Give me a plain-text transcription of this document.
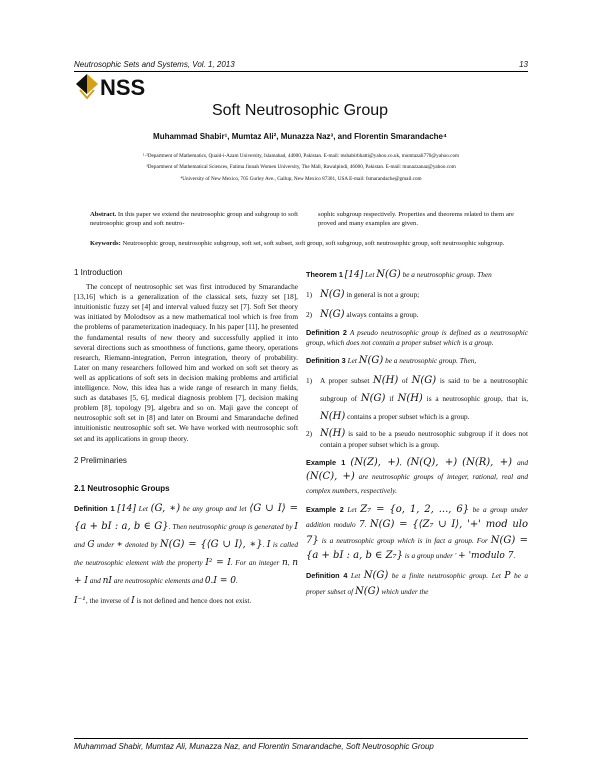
Neutrosophic Sets and Systems, Vol. 1, 2013	13
NSS
Soft Neutrosophic Group
Muhammad Shabir¹, Mumtaz Ali², Munazza Naz³, and Florentin Smarandache⁴
¹·²Department of Mathematics, Quaid-i-Azam University, Islamabad, 44000, Pakistan. E-mail: mshabirbhatti@yahoo.co.uk, mumtazali770@yahoo.com
³Department of Mathematical Sciences, Fatima Jinnah Women University, The Mall, Rawalpindi, 46000, Pakistan. E-mail: munazzanaz@yahoo.com
⁴University of New Mexico, 705 Gurley Ave., Gallup, New Mexico 87301, USA E-mail: fsmarandache@gmail.com
Abstract. In this paper we extend the neutrosophic group and subgroup to soft neutrosophic group and soft neutro-
sophic subgroup respectively. Properties and theorems related to them are proved and many examples are given.
Keywords: Neutrosophic group, neutrosophic subgroup, soft set, soft subset, soft group, soft subgroup, soft neutrosophic group, soft neutrosophic subgroup.
1 Introduction

The concept of neutrosophic set was first introduced by Smarandache [13,16] which is a generalization of the classical sets, fuzzy set [18], intuitionistic fuzzy set [4] and interval valued fuzzy set [7]. Soft Set theory was initiated by Molodtsov as a new mathematical tool which is free from the problems of parameterization inadequacy. In his paper [11], he presented the fundamental results of new theory and successfully applied it into several directions such as smoothness of functions, game theory, operations research, Riemann-integration, Perron integration, theory of probability. Later on many researchers followed him and worked on soft set theory as well as applications of soft sets in decision making problems and artificial intelligence. Now, this idea has a wide range of research in many fields, such as databases [5, 6], medical diagnosis problem [7], decision making problem [8], topology [9], algebra and so on. Maji gave the concept of neutrosophic soft set in [8] and later on Broumi and Smarandache defined intuitionistic neutrosophic soft set. We have worked with neutrosophic soft set and its applications in group theory.

2 Preliminaries
2.1 Neutrosophic Groups

Definition 1 [14] Let (G, ∗) be any group and let ⟨G ∪ I⟩ = {a + bI : a, b ∈ G}. Then neutrosophic group is generated by I and G under ∗ denoted by N(G) = {⟨G ∪ I⟩, ∗}. I is called the neutrosophic element with the property I² = I. For an integer n, n + I and nI are neutrosophic elements and 0.I = 0.

I⁻¹, the inverse of I is not defined and hence does not exist.

Theorem 1 [14] Let N(G) be a neutrosophic group. Then

1) N(G) in general is not a group;
2) N(G) always contains a group.

Definition 2 A pseudo neutrosophic group is defined as a neutrosophic group, which does not contain a proper subset which is a group.

Definition 3 Let N(G) be a neutrosophic group. Then,

1) A proper subset N(H) of N(G) is said to be a neutrosophic subgroup of N(G) if N(H) is a neutrosophic group, that is, N(H) contains a proper subset which is a group.
2) N(H) is said to be a pseudo neutrosophic subgroup if it does not contain a proper subset which is a group.

Example 1 (N(Z), +), (N(Q), +) (N(R), +) and (N(C), +) are neutrosophic groups of integer, rational, real and complex numbers, respectively.

Example 2 Let Z₇ = {o, 1, 2, ..., 6} be a group under addition modulo 7. N(G) = {⟨Z₇ ∪ I⟩, '+' mod ulo 7} is a neutrosophic group which is in fact a group. For N(G) = {a + bI : a, b ∈ Z₇} is a group under ' + 'modulo 7.

Definition 4 Let N(G) be a finite neutrosophic group. Let P be a proper subset of N(G) which under the

Muhammad Shabir, Mumtaz Ali, Munazza Naz, and Florentin Smarandache, Soft Neutrosophic Group
